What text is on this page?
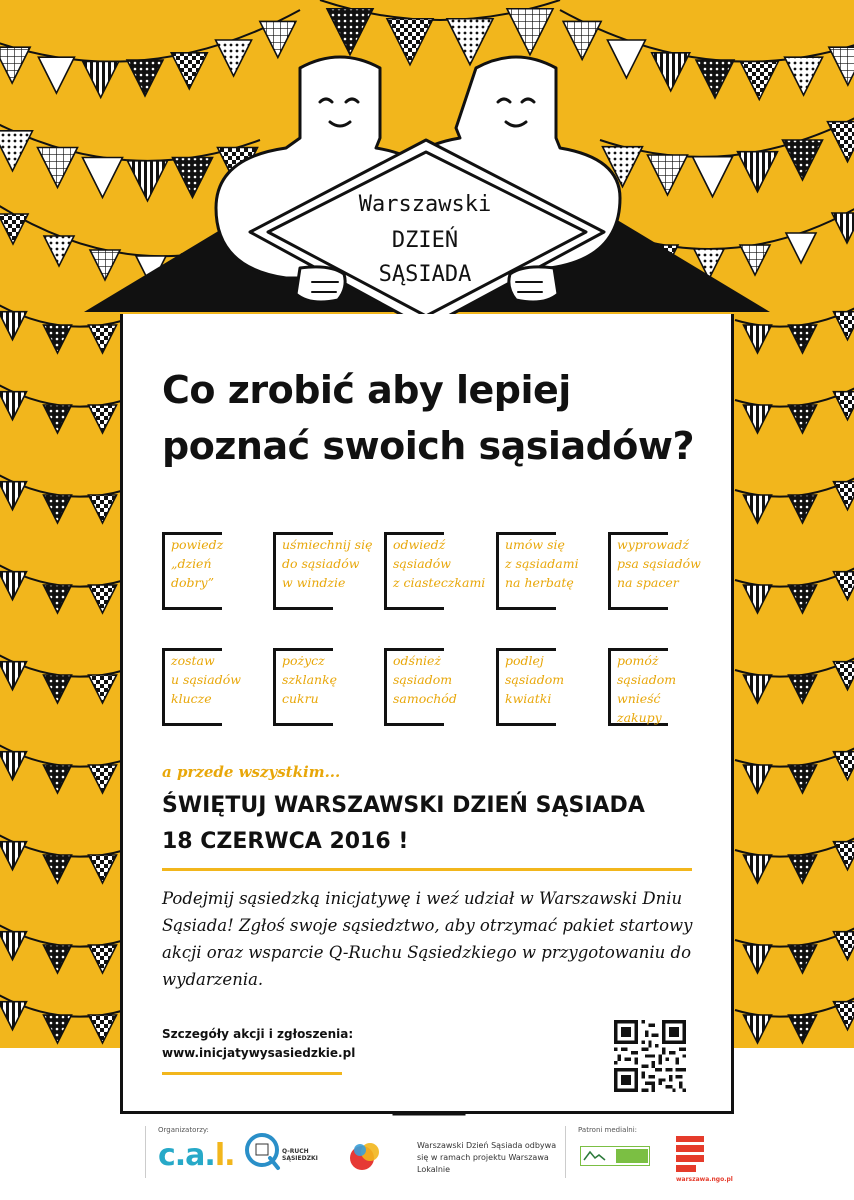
Warszawski
DZIEŃ
SĄSIADA
Co zrobić aby lepiej
poznać swoich sąsiadów?
powiedz
„dzień
dobry”
uśmiechnij się
do sąsiadów
w windzie
odwiedź
sąsiadów
z ciasteczkami
umów się
z sąsiadami
na herbatę
wyprowadź
psa sąsiadów
na spacer
zostaw
u sąsiadów
klucze
pożycz
szklankę
cukru
odśnież
sąsiadom
samochód
podlej
sąsiadom
kwiatki
pomóż
sąsiadom
wnieść
zakupy
a przede wszystkim...
ŚWIĘTUJ WARSZAWSKI DZIEŃ SĄSIADA
18 CZERWCA 2016 !
Podejmij sąsiedzką inicjatywę i weź udział w Warszawski Dniu Sąsiada! Zgłoś swoje sąsiedztwo, aby otrzymać pakiet startowy akcji oraz wsparcie Q-Ruchu Sąsiedzkiego w przygotowaniu do wydarzenia.
Szczegóły akcji i zgłoszenia:
www.inicjatywysasiedzkie.pl
Organizatorzy:
c.a.l.	Q-RUCH SĄSIEDZKI
Warszawski Dzień Sąsiada odbywa się w ramach projektu Warszawa Lokalnie
Patroni medialni:
warszawa.ngo.pl
